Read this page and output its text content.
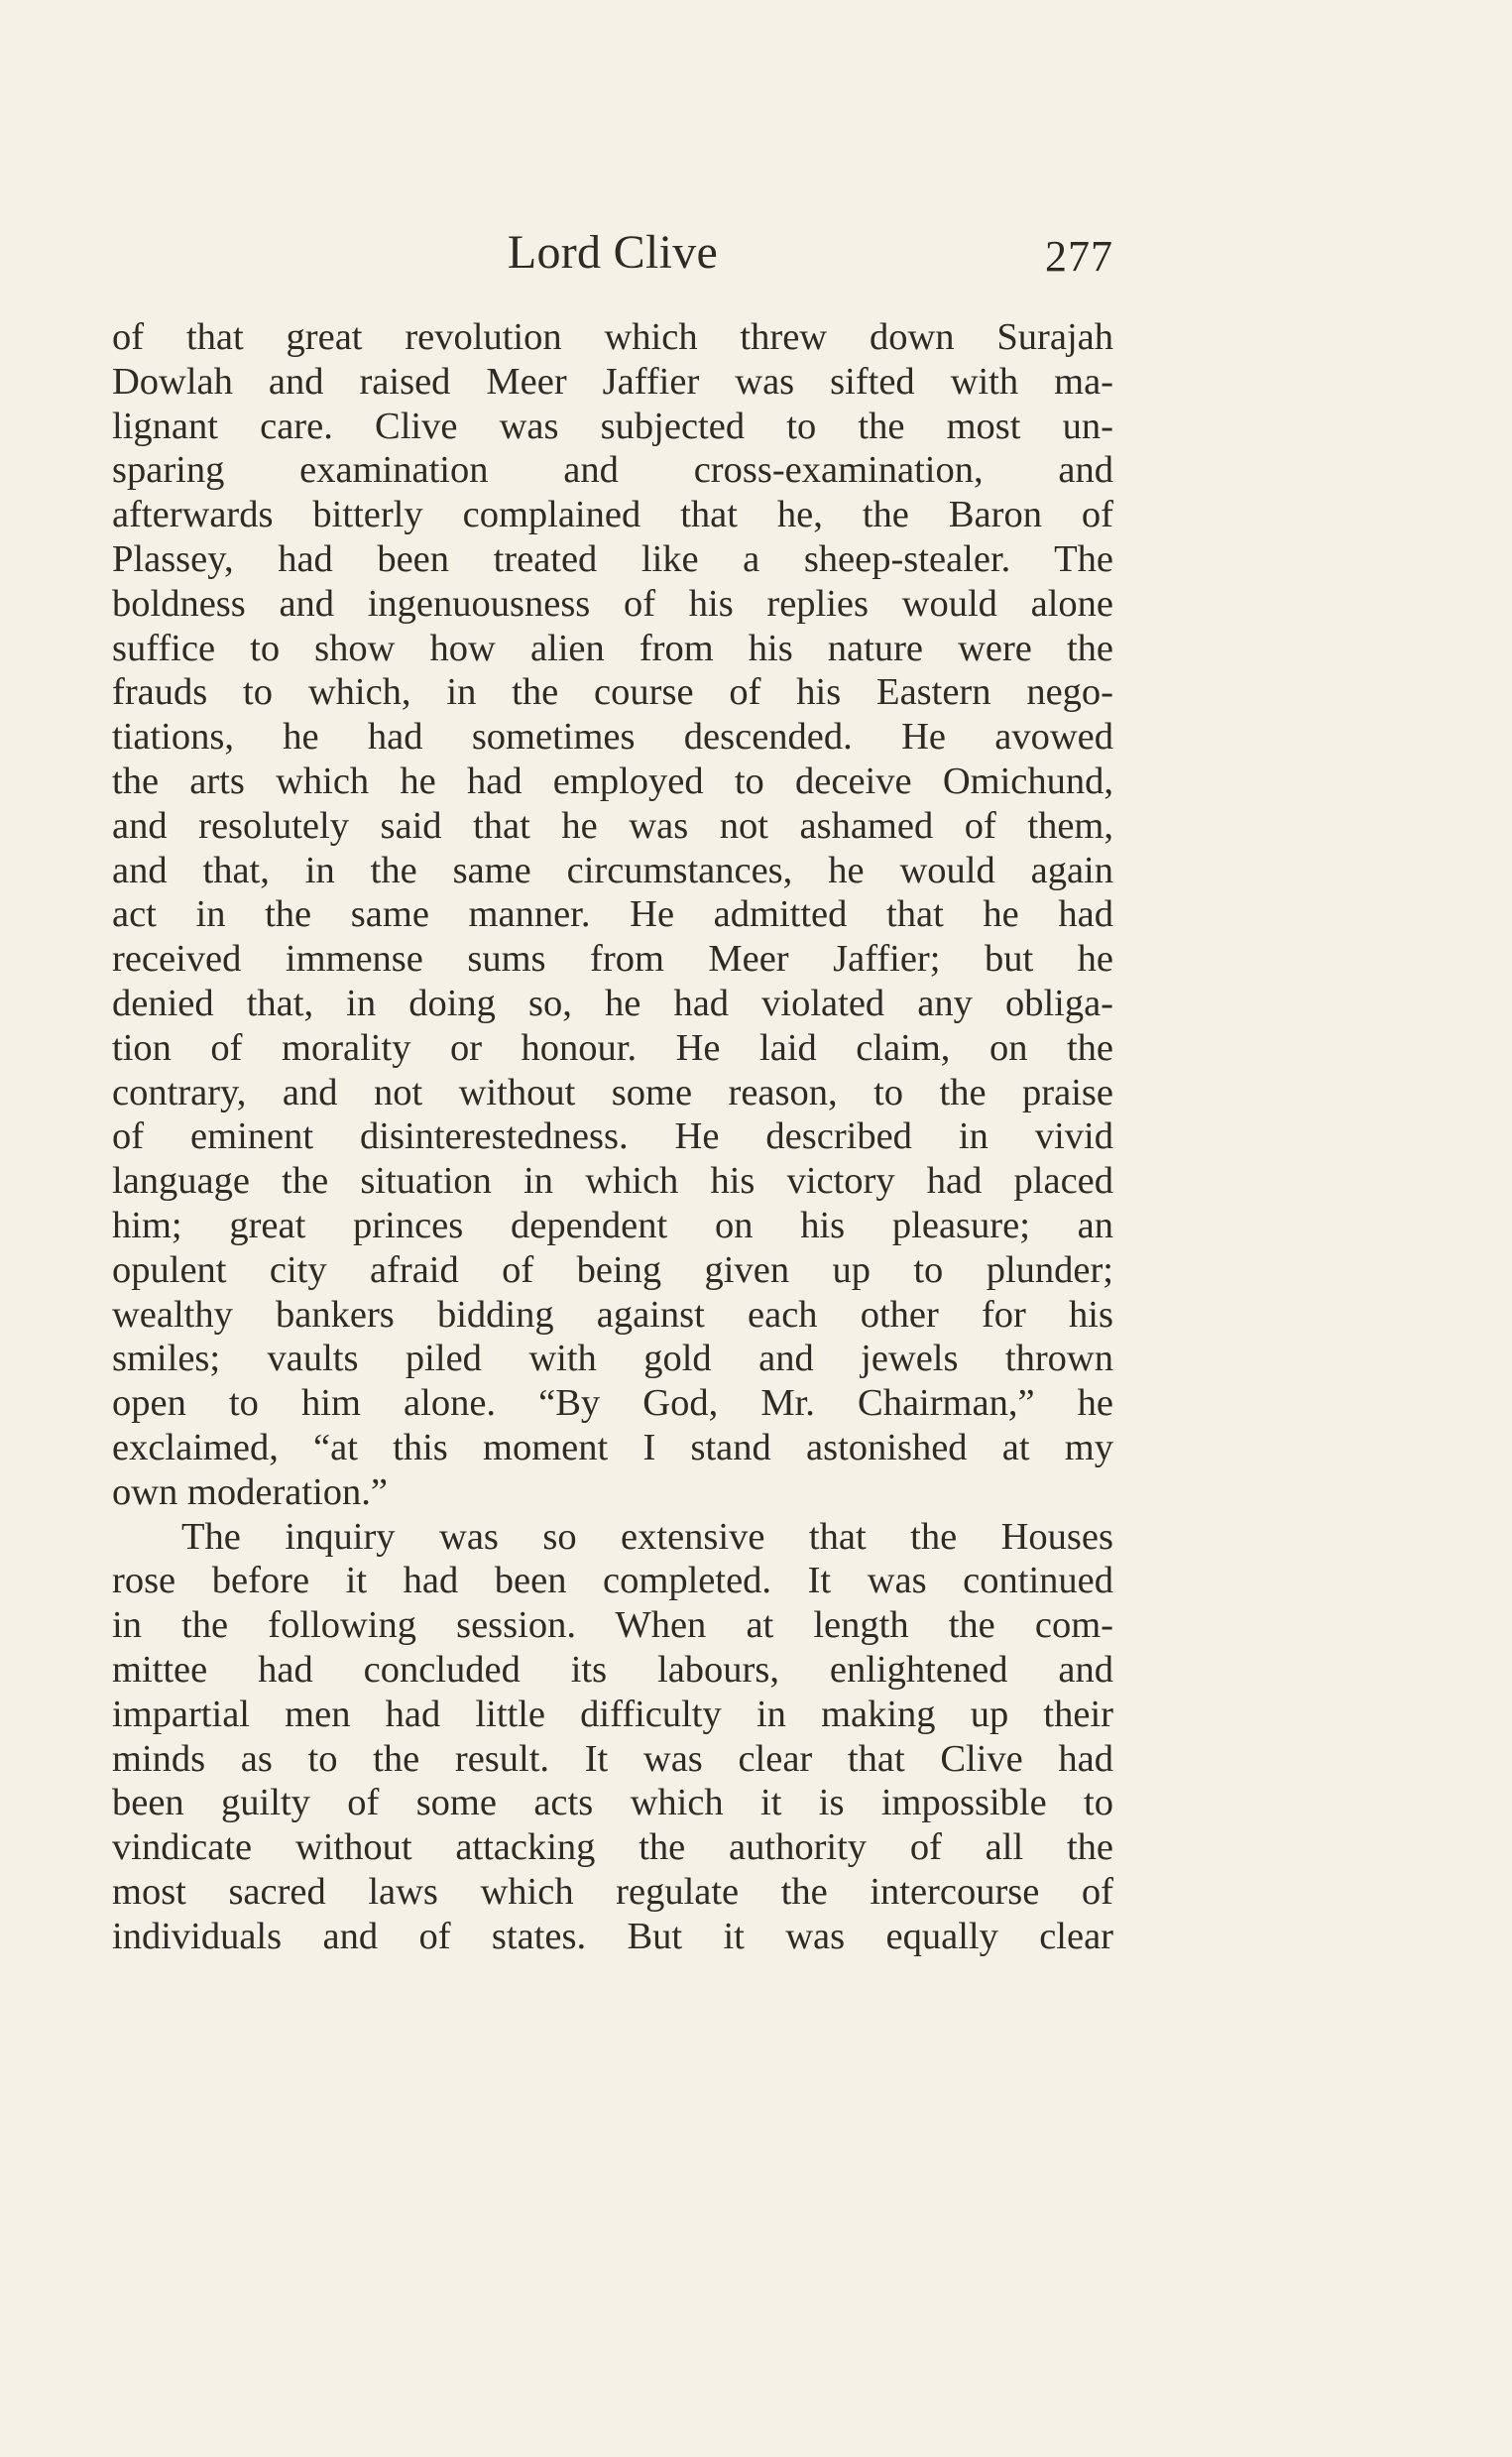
Lord Clive	277
of that great revolution which threw down Surajah
Dowlah and raised Meer Jaffier was sifted with ma-
lignant care. Clive was subjected to the most un-
sparing examination and cross-examination, and
afterwards bitterly complained that he, the Baron of
Plassey, had been treated like a sheep-stealer. The
boldness and ingenuousness of his replies would alone
suffice to show how alien from his nature were the
frauds to which, in the course of his Eastern nego-
tiations, he had sometimes descended. He avowed
the arts which he had employed to deceive Omichund,
and resolutely said that he was not ashamed of them,
and that, in the same circumstances, he would again
act in the same manner. He admitted that he had
received immense sums from Meer Jaffier; but he
denied that, in doing so, he had violated any obliga-
tion of morality or honour. He laid claim, on the
contrary, and not without some reason, to the praise
of eminent disinterestedness. He described in vivid
language the situation in which his victory had placed
him; great princes dependent on his pleasure; an
opulent city afraid of being given up to plunder;
wealthy bankers bidding against each other for his
smiles; vaults piled with gold and jewels thrown
open to him alone. “By God, Mr. Chairman,” he
exclaimed, “at this moment I stand astonished at my
own moderation.”
The inquiry was so extensive that the Houses
rose before it had been completed. It was continued
in the following session. When at length the com-
mittee had concluded its labours, enlightened and
impartial men had little difficulty in making up their
minds as to the result. It was clear that Clive had
been guilty of some acts which it is impossible to
vindicate without attacking the authority of all the
most sacred laws which regulate the intercourse of
individuals and of states. But it was equally clear
